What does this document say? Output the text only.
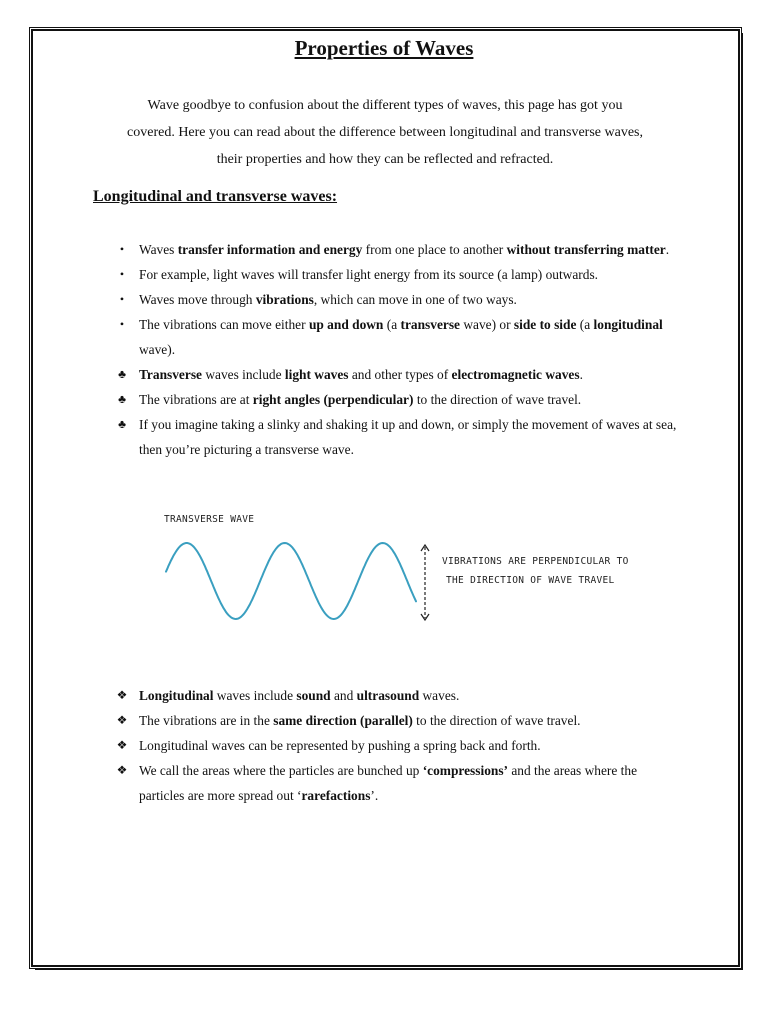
Properties of Waves
Wave goodbye to confusion about the different types of waves, this page has got you
covered. Here you can read about the difference between longitudinal and transverse waves,
their properties and how they can be reflected and refracted.
Longitudinal and transverse waves:
•	Waves transfer information and energy from one place to another without transferring matter.
•	For example, light waves will transfer light energy from its source (a lamp) outwards.
•	Waves move through vibrations, which can move in one of two ways.
•	The vibrations can move either up and down (a transverse wave) or side to side (a longitudinal wave).
♣ Transverse waves include light waves and other types of electromagnetic waves.
♣ The vibrations are at right angles (perpendicular) to the direction of wave travel.
♣ If you imagine taking a slinky and shaking it up and down, or simply the movement of waves at sea, then you’re picturing a transverse wave.
TRANSVERSE WAVE
VIBRATIONS ARE PERPENDICULAR TO
THE DIRECTION OF WAVE TRAVEL
❖ Longitudinal waves include sound and ultrasound waves.
❖ The vibrations are in the same direction (parallel) to the direction of wave travel.
❖ Longitudinal waves can be represented by pushing a spring back and forth.
❖ We call the areas where the particles are bunched up ‘compressions’ and the areas where the particles are more spread out ‘rarefactions’.
